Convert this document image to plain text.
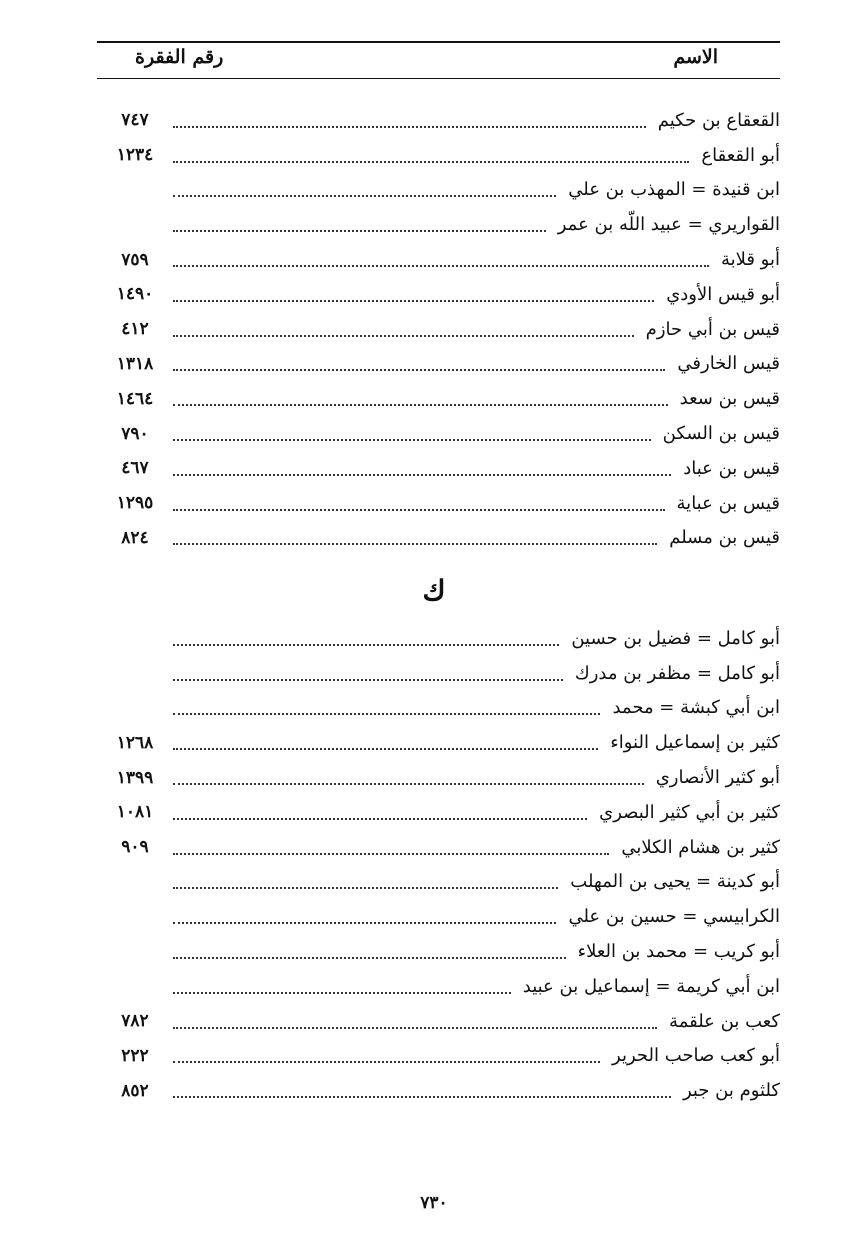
الاسم
رقم الفقرة
القعقاع بن حكيم
٧٤٧
أبو القعقاع
١٢٣٤
ابن قنيدة = المهذب بن علي
القواريري = عبيد اللّه بن عمر
أبو قلابة
٧٥٩
أبو قيس الأودي
١٤٩٠
قيس بن أبي حازم
٤١٢
قيس الخارفي
١٣١٨
قيس بن سعد
١٤٦٤
قيس بن السكن
٧٩٠
قيس بن عباد
٤٦٧
قيس بن عباية
١٢٩٥
قيس بن مسلم
٨٢٤
ك
أبو كامل = فضيل بن حسين
أبو كامل = مظفر بن مدرك
ابن أبي كبشة = محمد
كثير بن إسماعيل النواء
١٢٦٨
أبو كثير الأنصاري
١٣٩٩
كثير بن أبي كثير البصري
١٠٨١
كثير بن هشام الكلابي
٩٠٩
أبو كدينة = يحيى بن المهلب
الكرابيسي = حسين بن علي
أبو كريب = محمد بن العلاء
ابن أبي كريمة = إسماعيل بن عبيد
كعب بن علقمة
٧٨٢
أبو كعب صاحب الحرير
٢٢٢
كلثوم بن جبر
٨٥٢
٧٣٠
